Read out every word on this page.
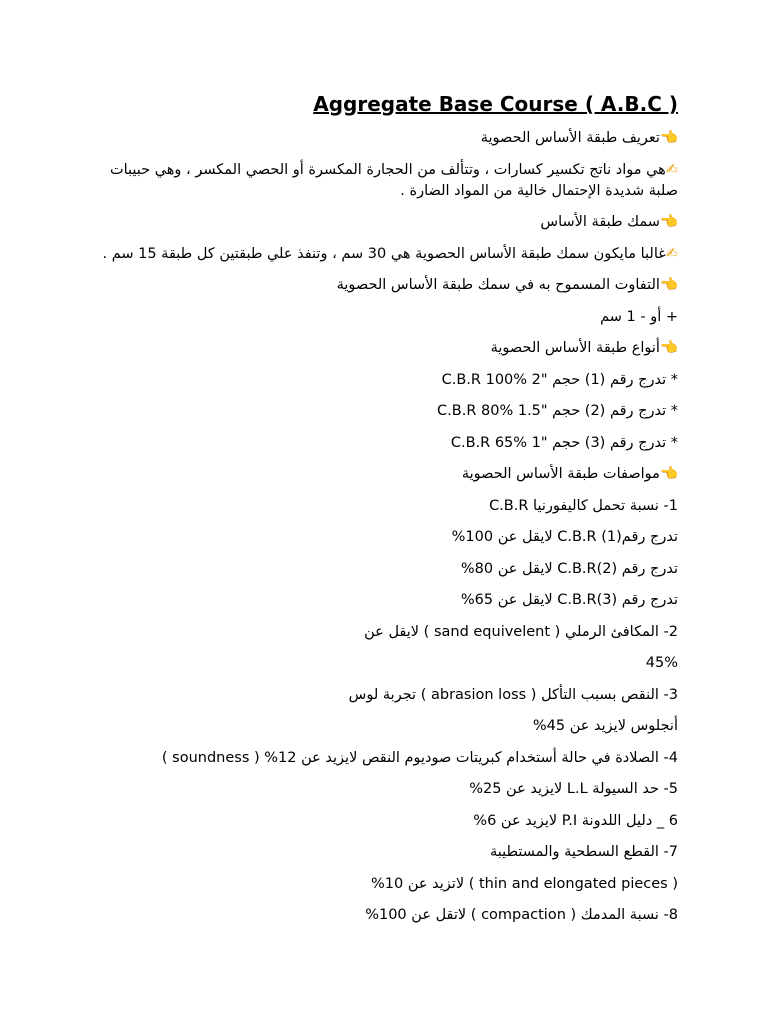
Aggregate Base Course ( A.B.C )
👈تعريف طبقة الأساس الحصوية
✍هي مواد ناتج تكسير كسارات ، وتتألف من الحجارة المكسرة أو الحصي المكسر ، وهي حبيبات صلبة شديدة الإحتمال خالية من المواد الضارة .
👈سمك طبقة الأساس
✍غالبا مايكون سمك طبقة الأساس الحصوية هي 30 سم ، وتنفذ علي طبقتين كل طبقة 15 سم .
👈التفاوت المسموح به في سمك طبقة الأساس الحصوية
+ أو - 1 سم
👈أنواع طبقة الأساس الحصوية
* تدرج رقم (1) حجم "2 C.B.R 100%
* تدرج رقم (2) حجم "1.5 C.B.R 80%
* تدرج رقم (3) حجم "1 C.B.R 65%
👈مواصفات طبقة الأساس الحصوية
1- نسبة تحمل كاليفورنيا C.B.R
تدرج رقم(1) C.B.R لايقل عن 100%
تدرج رقم (2)C.B.R لايقل عن 80%
تدرج رقم (3)C.B.R لايقل عن 65%
2- المكافئ الرملي ( sand equivelent ) لايقل عن
45%
3- النقص بسبب التأكل ( abrasion loss ) تجربة لوس
أنجلوس لايزيد عن 45%
4- الصلادة في حالة أستخدام كبريتات صوديوم النقص لايزيد عن 12% ( soundness )
5- حد السيولة L.L لايزيد عن 25%
6 _ دليل اللدونة P.I لايزيد عن 6%
7- القطع السطحية والمستطيبة
( thin and elongated pieces ) لاتزيد عن 10%
8- نسبة المدمك ( compaction ) لاتقل عن 100%
